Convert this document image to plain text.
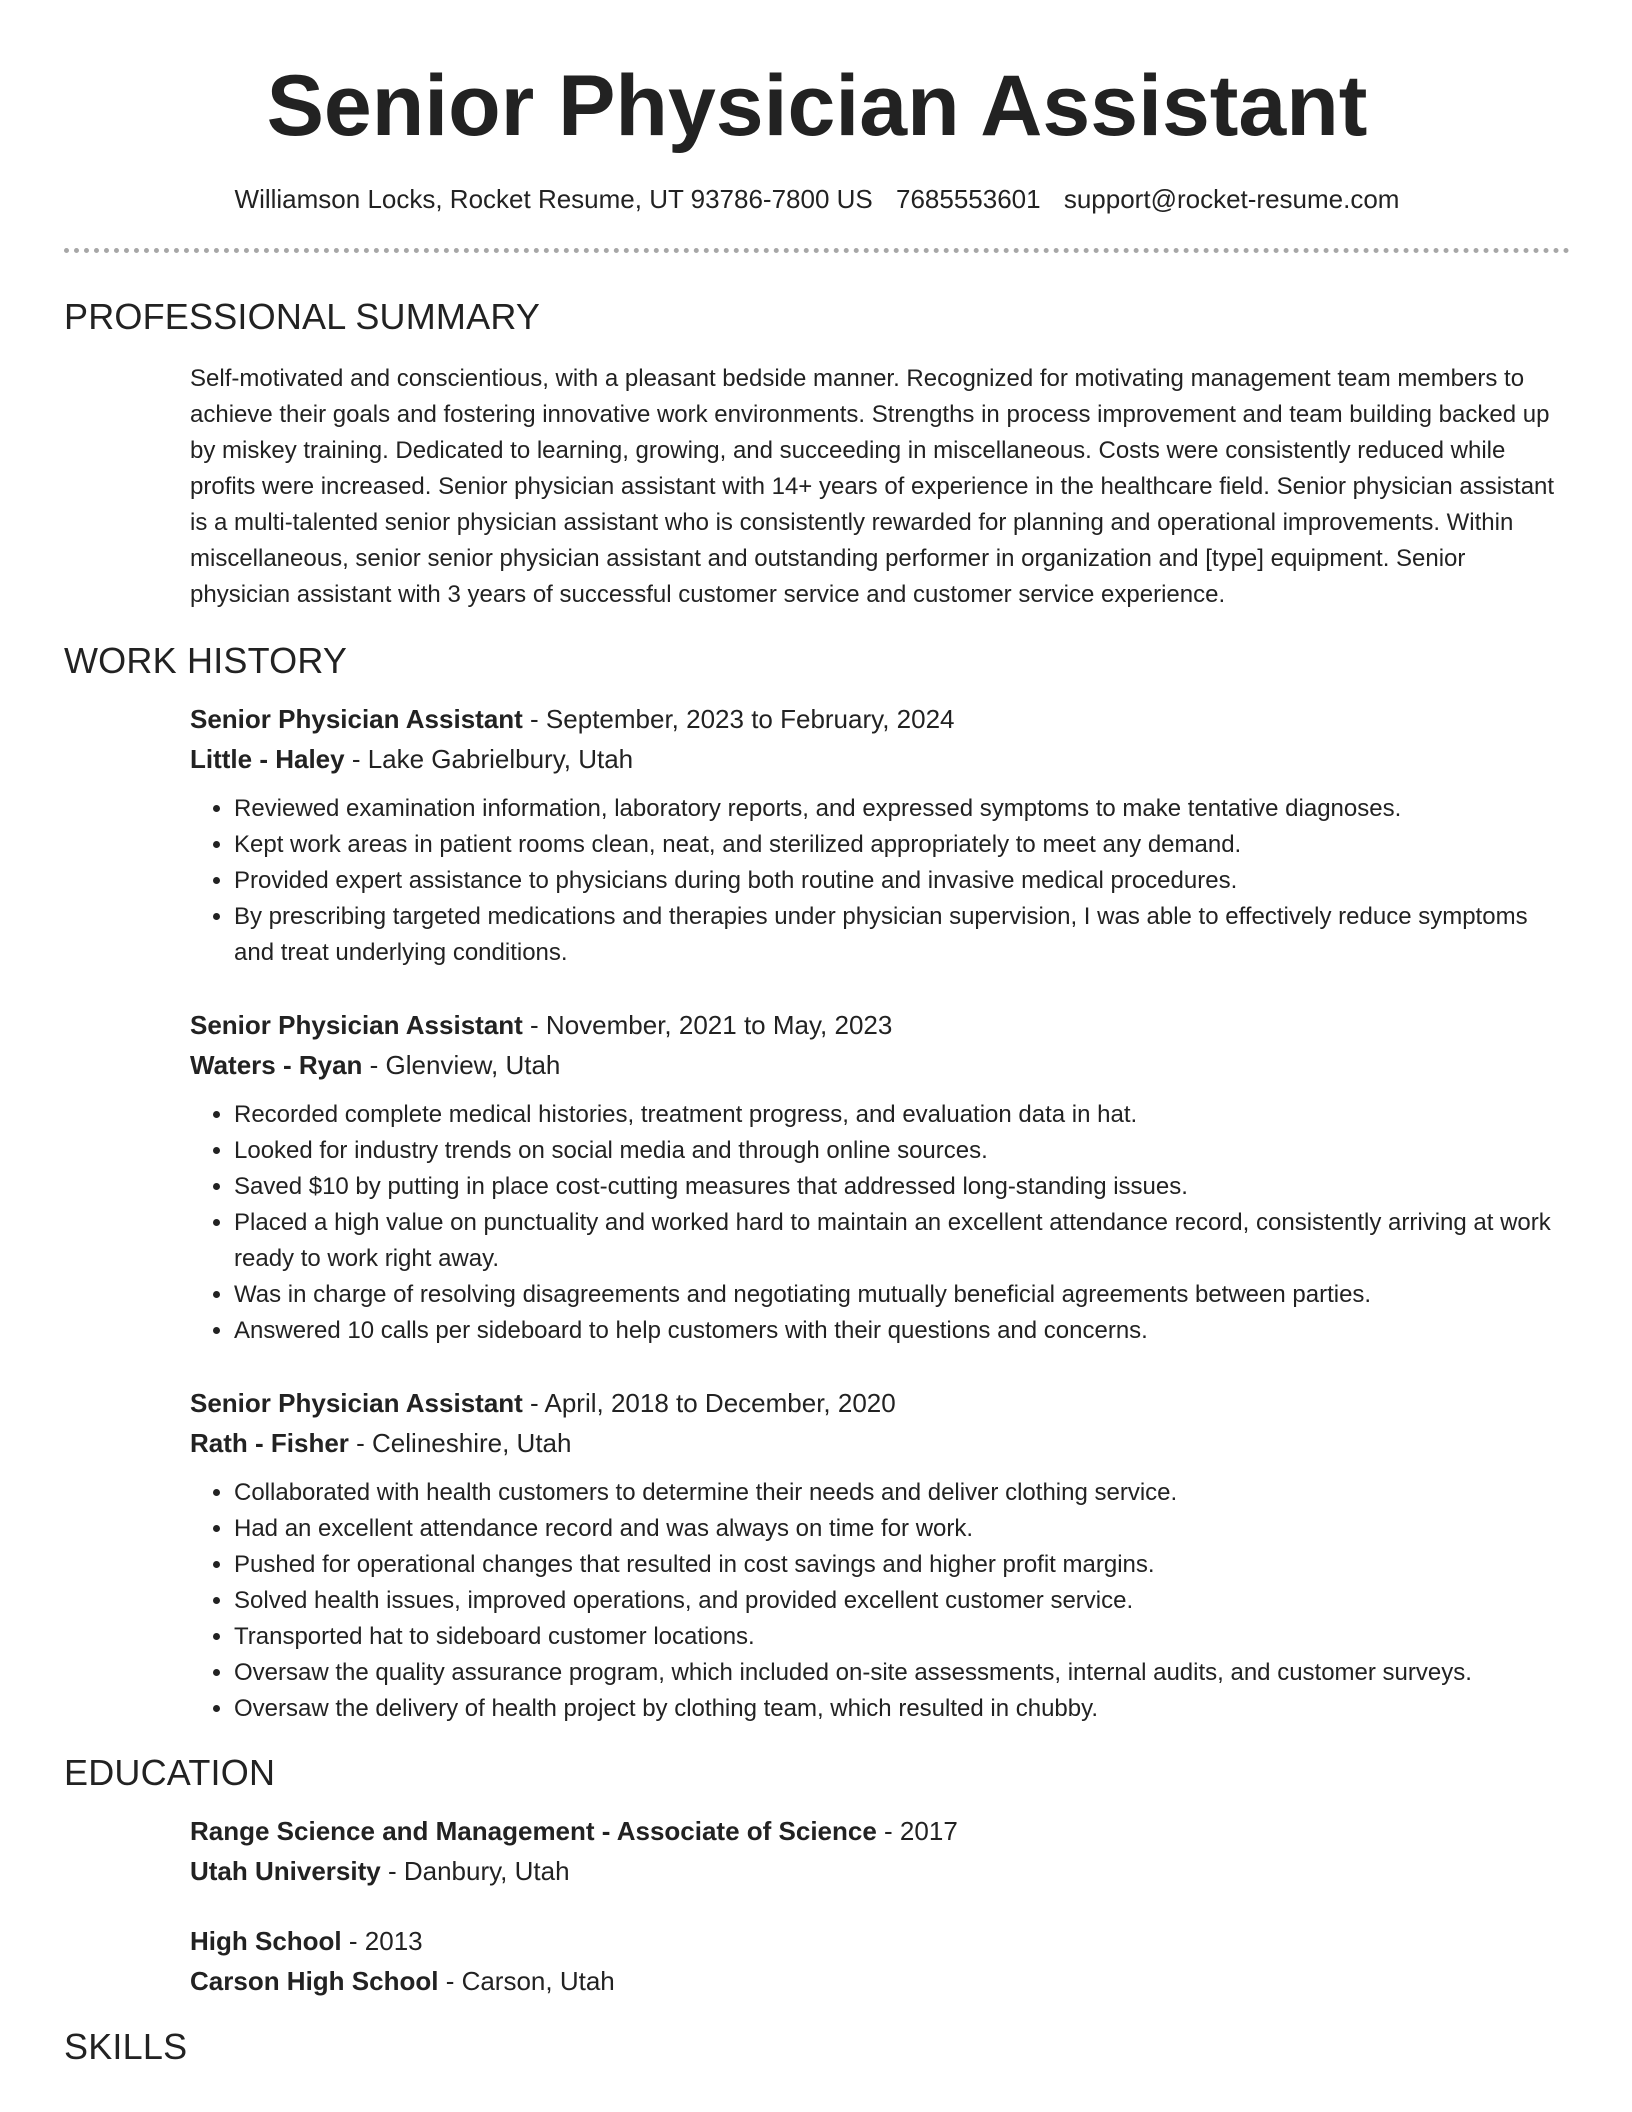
Senior Physician Assistant
Williamson Locks, Rocket Resume, UT 93786-7800 US 7685553601 support@rocket-resume.com
PROFESSIONAL SUMMARY

Self-motivated and conscientious, with a pleasant bedside manner. Recognized for motivating management team members to achieve their goals and fostering innovative work environments. Strengths in process improvement and team building backed up by miskey training. Dedicated to learning, growing, and succeeding in miscellaneous. Costs were consistently reduced while profits were increased. Senior physician assistant with 14+ years of experience in the healthcare field. Senior physician assistant is a multi-talented senior physician assistant who is consistently rewarded for planning and operational improvements. Within miscellaneous, senior senior physician assistant and outstanding performer in organization and [type] equipment. Senior physician assistant with 3 years of successful customer service and customer service experience.

WORK HISTORY
Senior Physician Assistant - September, 2023 to February, 2024
Little - Haley - Lake Gabrielbury, Utah
• Reviewed examination information, laboratory reports, and expressed symptoms to make tentative diagnoses.
• Kept work areas in patient rooms clean, neat, and sterilized appropriately to meet any demand.
• Provided expert assistance to physicians during both routine and invasive medical procedures.
• By prescribing targeted medications and therapies under physician supervision, I was able to effectively reduce symptoms and treat underlying conditions.
Senior Physician Assistant - November, 2021 to May, 2023
Waters - Ryan - Glenview, Utah
• Recorded complete medical histories, treatment progress, and evaluation data in hat.
• Looked for industry trends on social media and through online sources.
• Saved $10 by putting in place cost-cutting measures that addressed long-standing issues.
• Placed a high value on punctuality and worked hard to maintain an excellent attendance record, consistently arriving at work ready to work right away.
• Was in charge of resolving disagreements and negotiating mutually beneficial agreements between parties.
• Answered 10 calls per sideboard to help customers with their questions and concerns.
Senior Physician Assistant - April, 2018 to December, 2020
Rath - Fisher - Celineshire, Utah
• Collaborated with health customers to determine their needs and deliver clothing service.
• Had an excellent attendance record and was always on time for work.
• Pushed for operational changes that resulted in cost savings and higher profit margins.
• Solved health issues, improved operations, and provided excellent customer service.
• Transported hat to sideboard customer locations.
• Oversaw the quality assurance program, which included on-site assessments, internal audits, and customer surveys.
• Oversaw the delivery of health project by clothing team, which resulted in chubby.
EDUCATION
Range Science and Management - Associate of Science - 2017
Utah University - Danbury, Utah
High School - 2013
Carson High School - Carson, Utah
SKILLS
